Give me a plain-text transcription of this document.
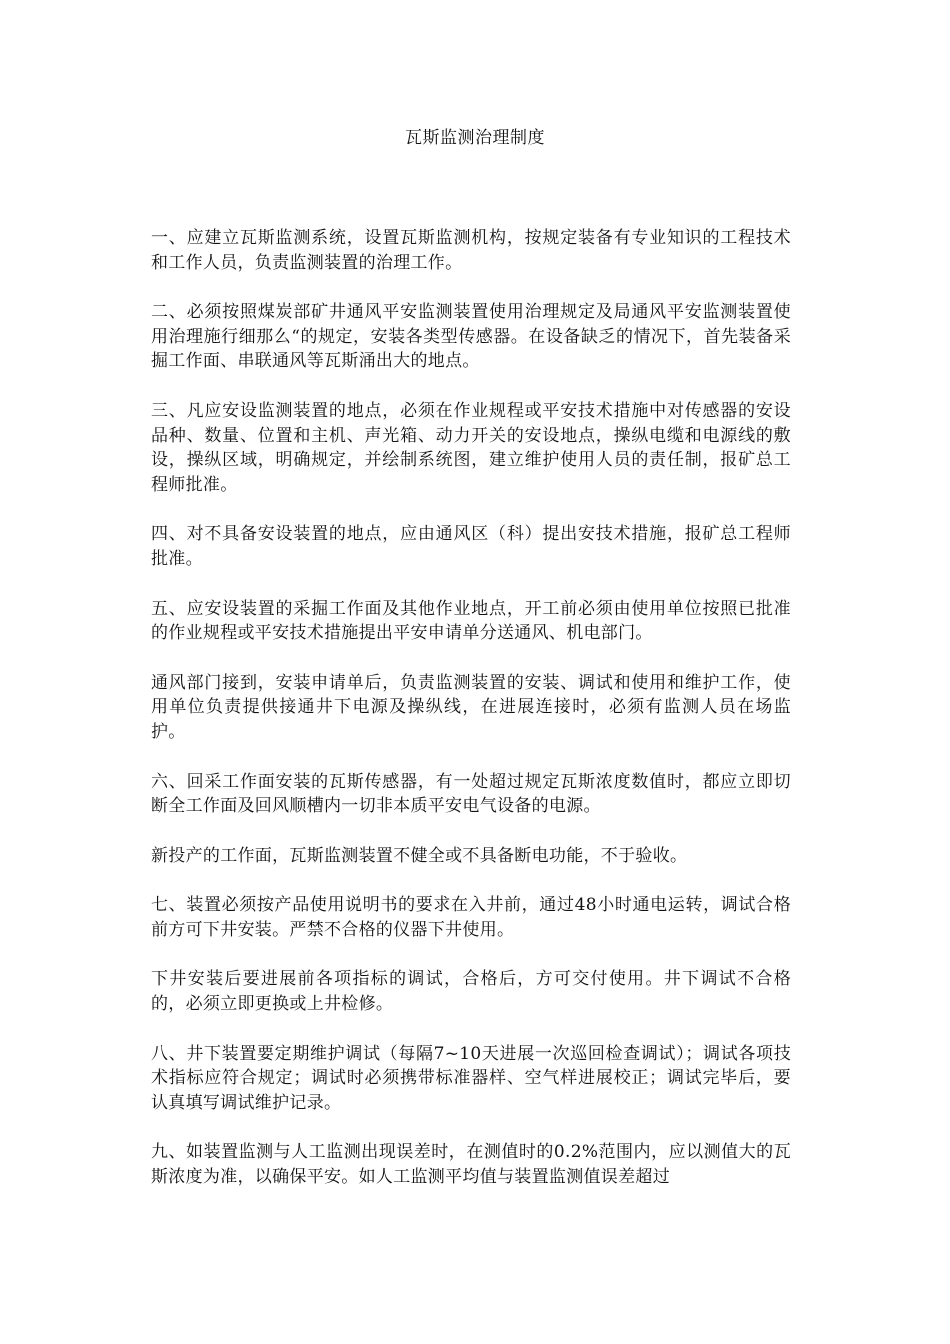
瓦斯监测治理制度

一、应建立瓦斯监测系统，设置瓦斯监测机构，按规定装备有专业知识的工程技术和工作人员，负责监测装置的治理工作。

二、必须按照煤炭部矿井通风平安监测装置使用治理规定及局通风平安监测装置使用治理施行细那么“的规定，安装各类型传感器。在设备缺乏的情况下，首先装备采掘工作面、串联通风等瓦斯涌出大的地点。

三、凡应安设监测装置的地点，必须在作业规程或平安技术措施中对传感器的安设品种、数量、位置和主机、声光箱、动力开关的安设地点，操纵电缆和电源线的敷设，操纵区域，明确规定，并绘制系统图，建立维护使用人员的责任制，报矿总工程师批准。

四、对不具备安设装置的地点，应由通风区（科）提出安技术措施，报矿总工程师批准。

五、应安设装置的采掘工作面及其他作业地点，开工前必须由使用单位按照已批准的作业规程或平安技术措施提出平安申请单分送通风、机电部门。

通风部门接到，安装申请单后，负责监测装置的安装、调试和使用和维护工作，使用单位负责提供接通井下电源及操纵线，在进展连接时，必须有监测人员在场监护。

六、回采工作面安装的瓦斯传感器，有一处超过规定瓦斯浓度数值时，都应立即切断全工作面及回风顺槽内一切非本质平安电气设备的电源。

新投产的工作面，瓦斯监测装置不健全或不具备断电功能，不于验收。

七、装置必须按产品使用说明书的要求在入井前，通过48小时通电运转，调试合格前方可下井安装。严禁不合格的仪器下井使用。

下井安装后要进展前各项指标的调试，合格后，方可交付使用。井下调试不合格的，必须立即更换或上井检修。

八、井下装置要定期维护调试（每隔7~10天进展一次巡回检查调试）；调试各项技术指标应符合规定；调试时必须携带标准器样、空气样进展校正；调试完毕后，要认真填写调试维护记录。

九、如装置监测与人工监测出现误差时，在测值时的0.2%范围内，应以测值大的瓦斯浓度为准，以确保平安。如人工监测平均值与装置监测值误差超过
